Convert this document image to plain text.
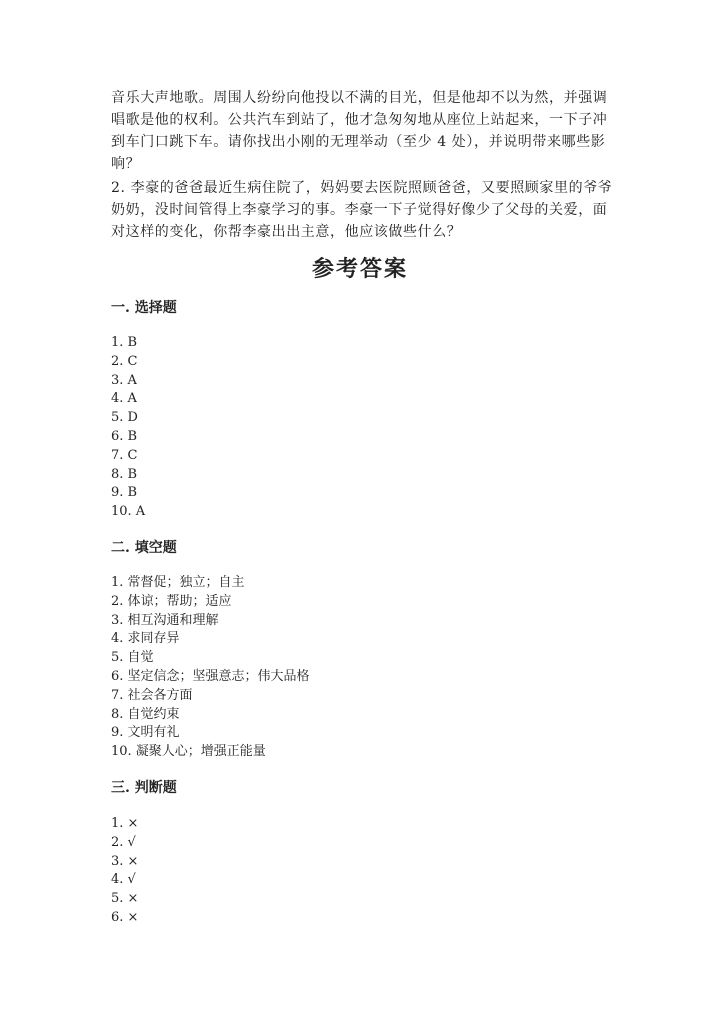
音乐大声地歌。周围人纷纷向他投以不满的目光，但是他却不以为然，并强调
唱歌是他的权利。公共汽车到站了，他才急匆匆地从座位上站起来，一下子冲
到车门口跳下车。请你找出小刚的无理举动（至少 4 处），并说明带来哪些影
响？
2. 李豪的爸爸最近生病住院了，妈妈要去医院照顾爸爸，又要照顾家里的爷爷
奶奶，没时间管得上李豪学习的事。李豪一下子觉得好像少了父母的关爱，面
对这样的变化，你帮李豪出出主意，他应该做些什么？
参考答案
一. 选择题
1. B
2. C
3. A
4. A
5. D
6. B
7. C
8. B
9. B
10. A
二. 填空题
1. 常督促；独立；自主
2. 体谅；帮助；适应
3. 相互沟通和理解
4. 求同存异
5. 自觉
6. 坚定信念；坚强意志；伟大品格
7. 社会各方面
8. 自觉约束
9. 文明有礼
10. 凝聚人心；增强正能量
三. 判断题
1. ×
2. √
3. ×
4. √
5. ×
6. ×
